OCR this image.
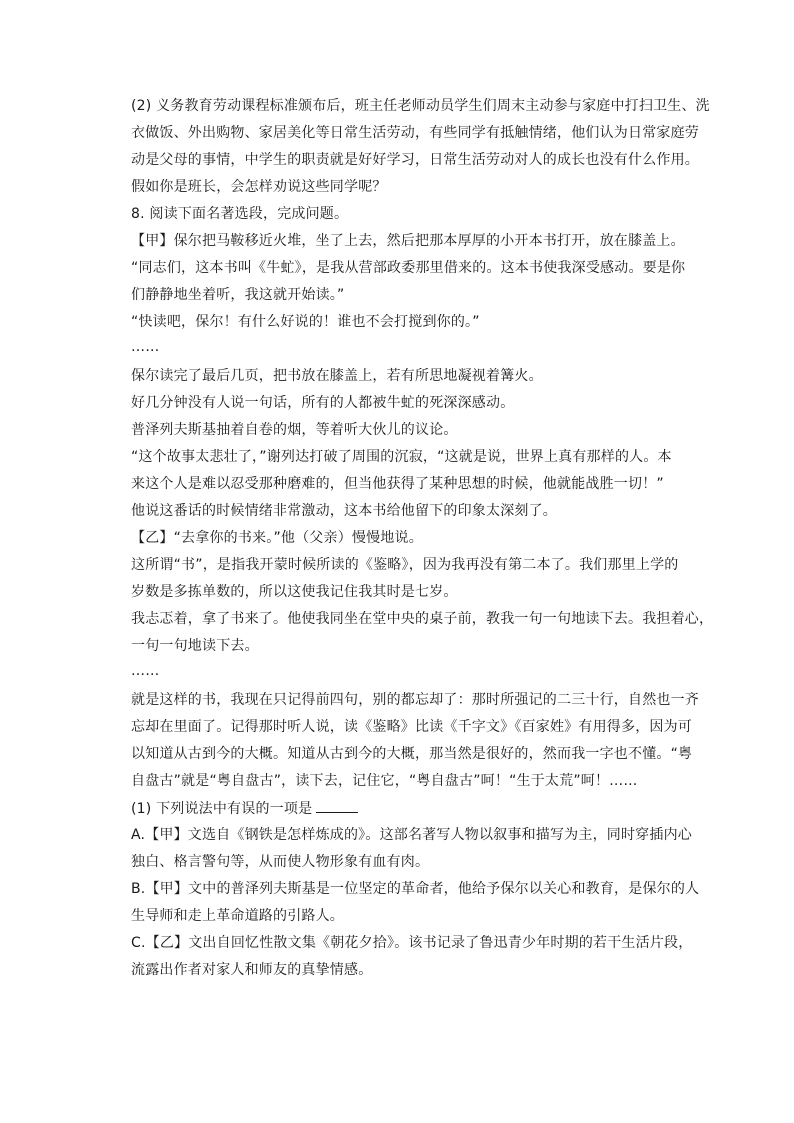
(2) 义务教育劳动课程标准颁布后，班主任老师动员学生们周末主动参与家庭中打扫卫生、洗
衣做饭、外出购物、家居美化等日常生活劳动，有些同学有抵触情绪，他们认为日常家庭劳
动是父母的事情，中学生的职责就是好好学习，日常生活劳动对人的成长也没有什么作用。
假如你是班长，会怎样劝说这些同学呢？
8. 阅读下面名著选段，完成问题。
【甲】保尔把马鞍移近火堆，坐了上去，然后把那本厚厚的小开本书打开，放在膝盖上。
“同志们，这本书叫《牛虻》，是我从营部政委那里借来的。这本书使我深受感动。要是你
们静静地坐着听，我这就开始读。”
“快读吧，保尔！有什么好说的！谁也不会打搅到你的。”
……
保尔读完了最后几页，把书放在膝盖上，若有所思地凝视着篝火。
好几分钟没有人说一句话，所有的人都被牛虻的死深深感动。
普泽列夫斯基抽着自卷的烟，等着听大伙儿的议论。
“这个故事太悲壮了，”谢列达打破了周围的沉寂，“这就是说，世界上真有那样的人。本
来这个人是难以忍受那种磨难的，但当他获得了某种思想的时候，他就能战胜一切！”
他说这番话的时候情绪非常激动，这本书给他留下的印象太深刻了。
【乙】“去拿你的书来。”他（父亲）慢慢地说。
这所谓“书”，是指我开蒙时候所读的《鉴略》，因为我再没有第二本了。我们那里上学的
岁数是多拣单数的，所以这使我记住我其时是七岁。
我忐忑着，拿了书来了。他使我同坐在堂中央的桌子前，教我一句一句地读下去。我担着心，
一句一句地读下去。
……
就是这样的书，我现在只记得前四句，别的都忘却了：那时所强记的二三十行，自然也一齐
忘却在里面了。记得那时听人说，读《鉴略》比读《千字文》《百家姓》有用得多，因为可
以知道从古到今的大概。知道从古到今的大概，那当然是很好的，然而我一字也不懂。“粤
自盘古”就是“粤自盘古”，读下去，记住它，“粤自盘古”呵！“生于太荒”呵！……
(1) 下列说法中有误的一项是
A.【甲】文选自《钢铁是怎样炼成的》。这部名著写人物以叙事和描写为主，同时穿插内心
独白、格言警句等，从而使人物形象有血有肉。
B.【甲】文中的普泽列夫斯基是一位坚定的革命者，他给予保尔以关心和教育，是保尔的人
生导师和走上革命道路的引路人。
C.【乙】文出自回忆性散文集《朝花夕拾》。该书记录了鲁迅青少年时期的若干生活片段，
流露出作者对家人和师友的真挚情感。
